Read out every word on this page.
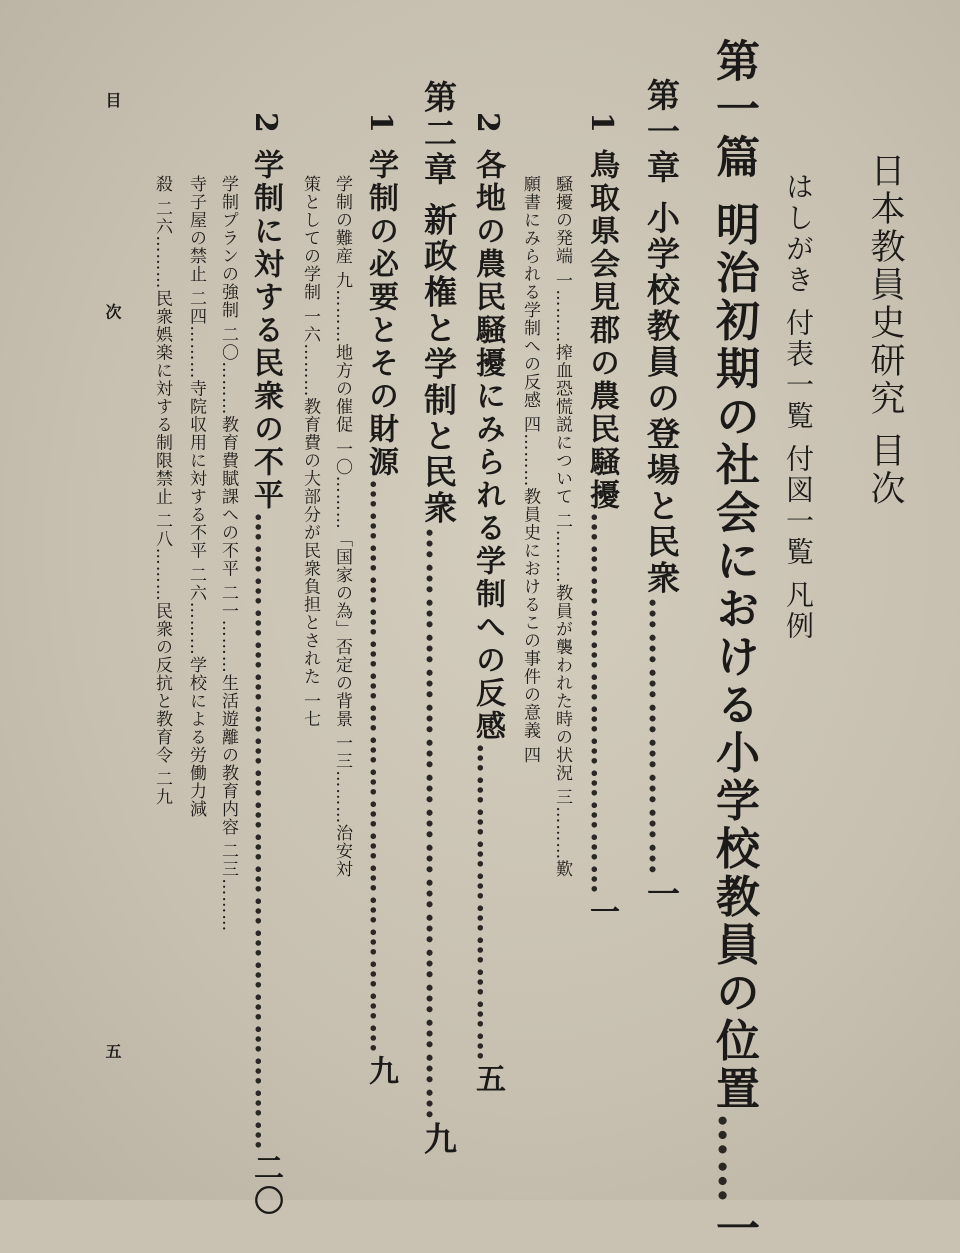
日本教員史研究 目次
はしがき 付表一覧 付図一覧 凡例
第一篇 明治初期の社会における小学校教員の位置……一
第一章 小学校教員の登場と民衆……………………一
1 鳥取県会見郡の農民騒擾………………………………一
騒擾の発端 一………搾血恐慌説について 二………教員が襲われた時の状況 三………歎
願書にみられる学制への反感 四………教員史におけるこの事件の意義 四
2 各地の農民騒擾にみられる学制への反感…………………………五
第二章 新政権と学制と民衆……………………………………………九
1 学制の必要とその財源………………………………………………九
学制の難産 九………地方の催促 一〇………「国家の為」否定の背景 一三………治安対
策としての学制 一六………教育費の大部分が民衆負担とされた 一七
2 学制に対する民衆の不平……………………………………………………二〇
学制プランの強制 二〇………教育費賦課への不平 二一………生活遊離の教育内容 二三………
寺子屋の禁止 二四………寺院収用に対する不平 二六………学校による労働力減
殺 二六………民衆娯楽に対する制限禁止 二八………民衆の反抗と教育令 二九
目 次
五
